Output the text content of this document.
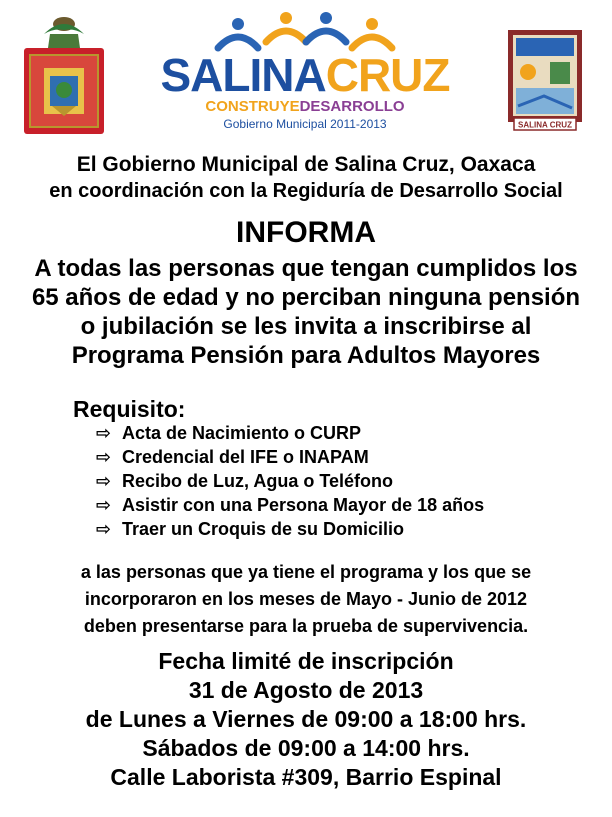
SALINACRUZ
CONSTRUYEDESARROLLO
Gobierno Municipal 2011-2013	SALINA CRUZ
El Gobierno Municipal de Salina Cruz, Oaxaca
en coordinación con la Regiduría de Desarrollo Social
INFORMA
A todas las personas que tengan cumplidos los
65 años de edad y no perciban ninguna pensión
o jubilación se les invita a inscribirse al
Programa Pensión para Adultos Mayores
Requisito:
⇨ Acta de Nacimiento o CURP
⇨ Credencial del IFE o INAPAM
⇨ Recibo de Luz, Agua o Teléfono
⇨ Asistir con una Persona Mayor de 18 años
⇨ Traer un Croquis de su Domicilio
a las personas que ya tiene el programa y los que se
incorporaron en los meses de Mayo - Junio de 2012
deben presentarse para la prueba de supervivencia.
Fecha limité de inscripción
31 de Agosto de 2013
de Lunes a Viernes de 09:00 a 18:00 hrs.
Sábados de 09:00 a 14:00 hrs.
Calle Laborista #309, Barrio Espinal
